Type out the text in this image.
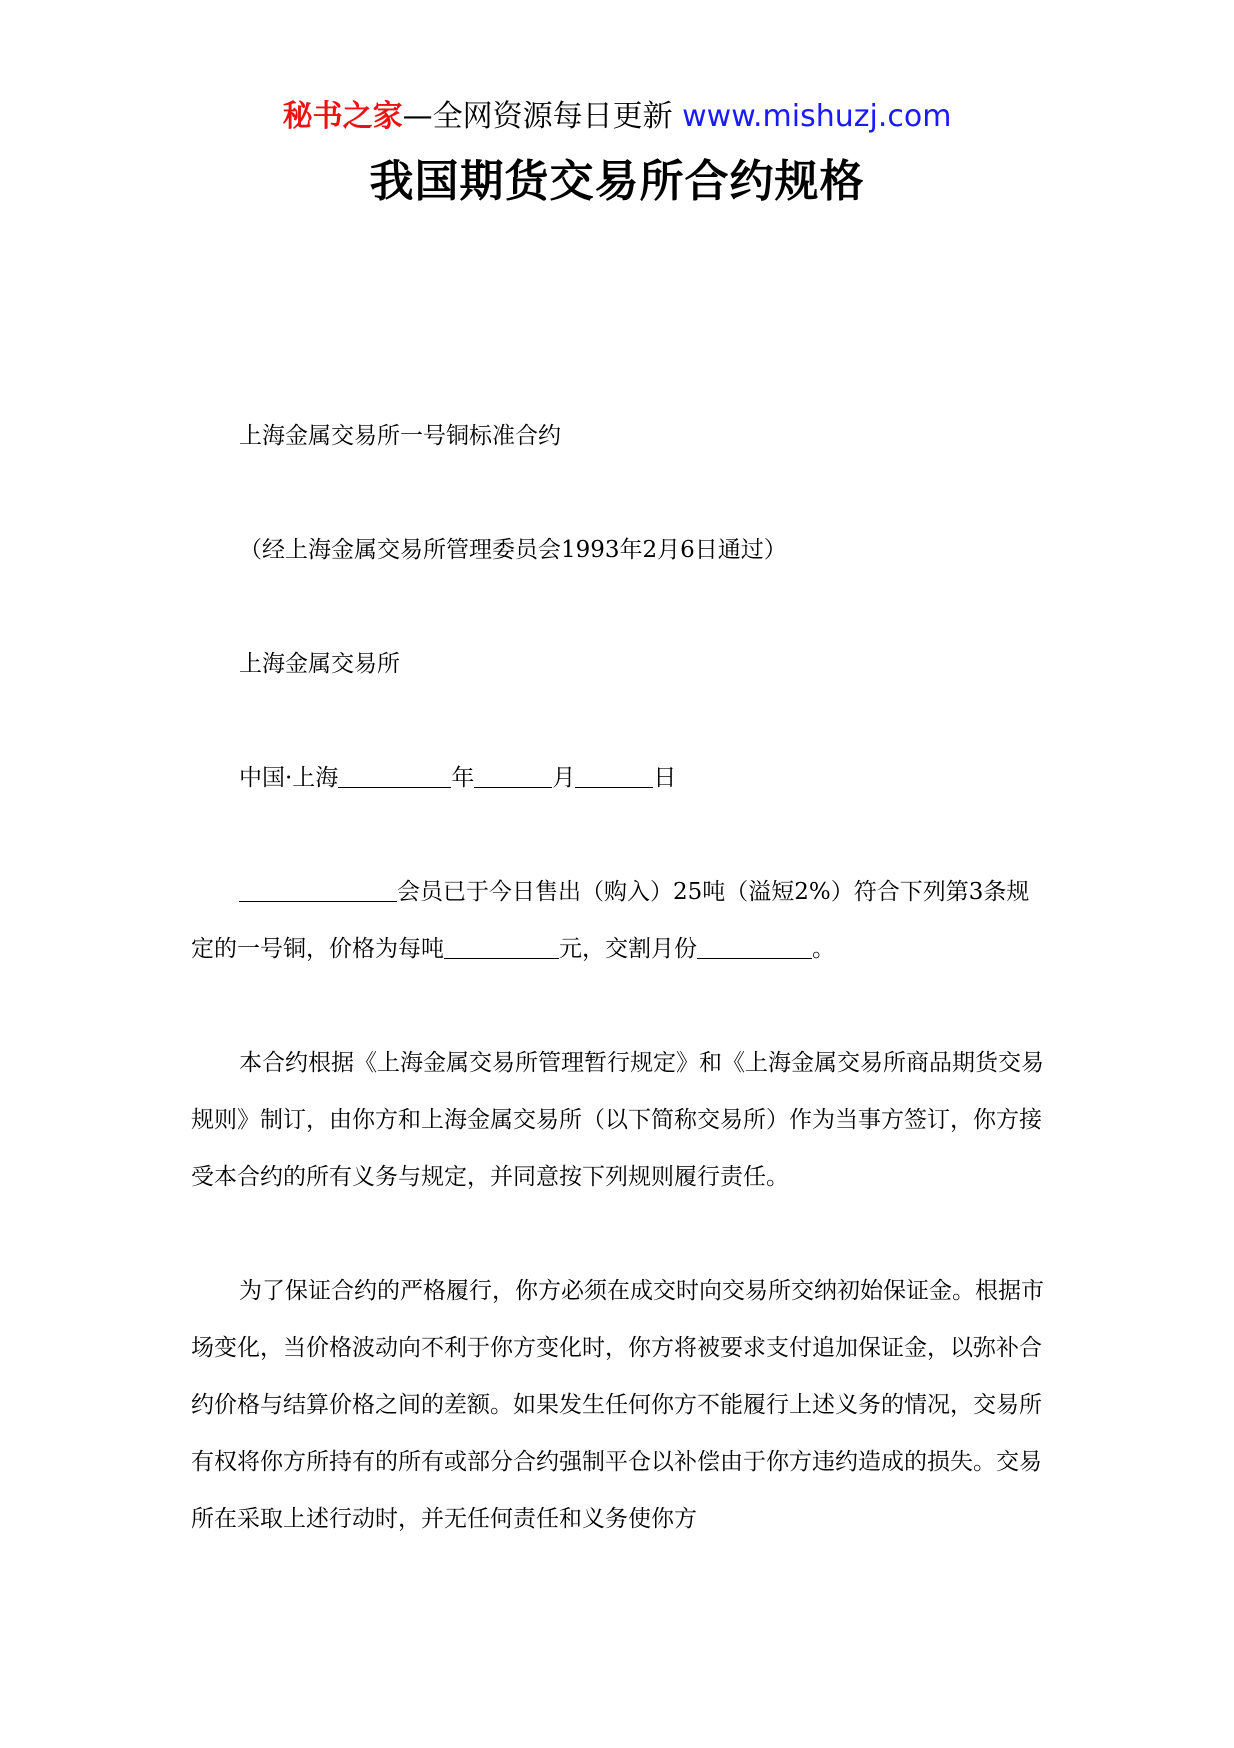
秘书之家—全网资源每日更新 www.mishuzj.com
我国期货交易所合约规格

上海金属交易所一号铜标准合约

（经上海金属交易所管理委员会1993年2月6日通过）

上海金属交易所

中国·上海	年	月	日

会员已于今日售出（购入）25吨（溢短2%）符合下列第3条规定的一号铜，价格为每吨	元，交割月份	。

本合约根据《上海金属交易所管理暂行规定》和《上海金属交易所商品期货交易规则》制订，由你方和上海金属交易所（以下简称交易所）作为当事方签订，你方接受本合约的所有义务与规定，并同意按下列规则履行责任。

为了保证合约的严格履行，你方必须在成交时向交易所交纳初始保证金。根据市场变化，当价格波动向不利于你方变化时，你方将被要求支付追加保证金，以弥补合约价格与结算价格之间的差额。如果发生任何你方不能履行上述义务的情况，交易所有权将你方所持有的所有或部分合约强制平仓以补偿由于你方违约造成的损失。交易所在采取上述行动时，并无任何责任和义务使你方
